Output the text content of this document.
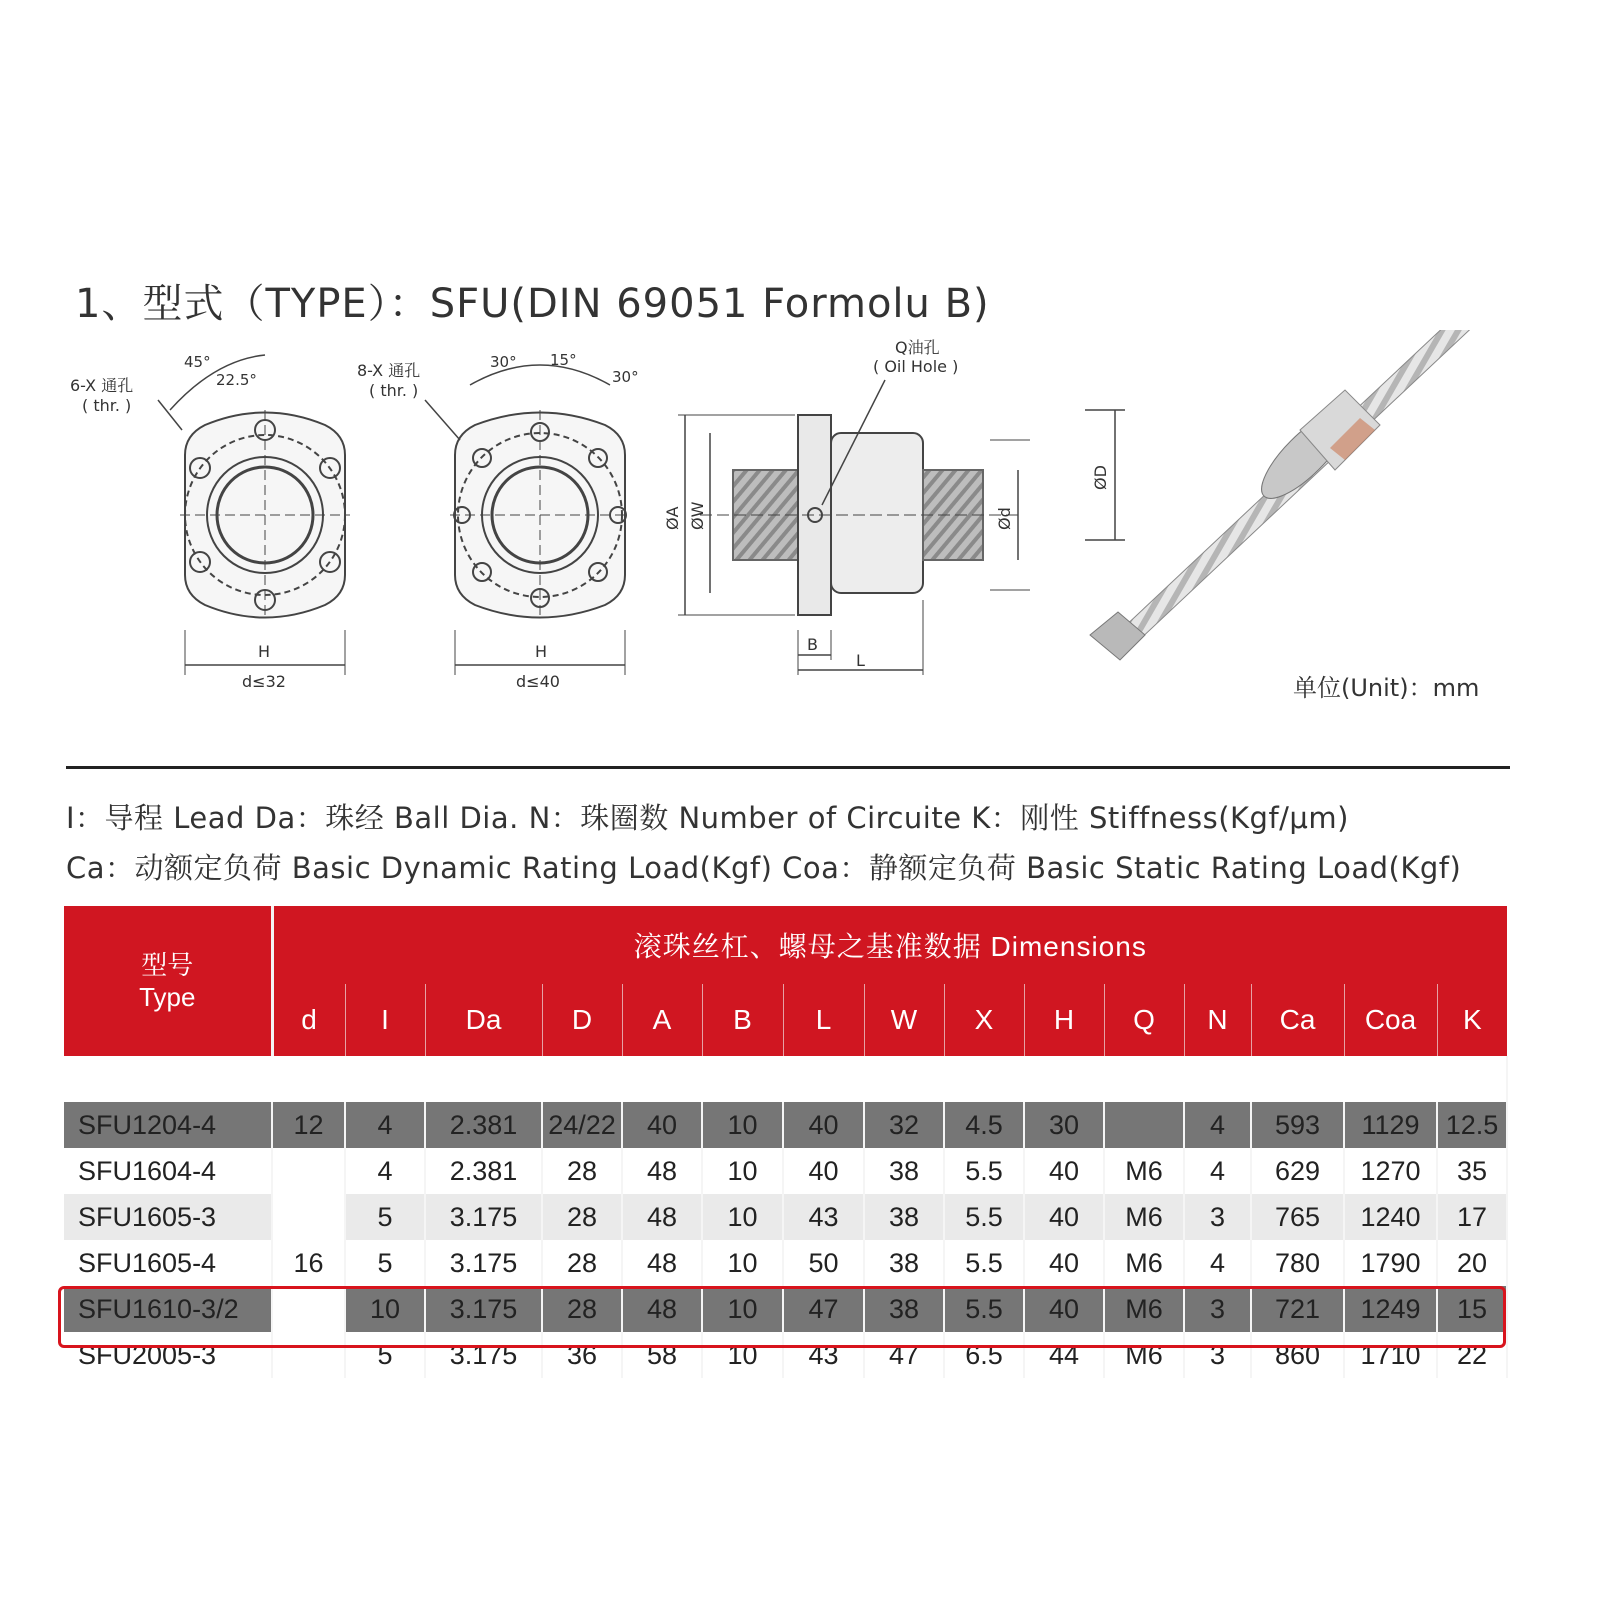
1、型式（TYPE）：SFU(DIN 69051 Formolu B)
6-X 通孔
( thr. )
45°
22.5°
H
d≤32
8-X 通孔
( thr. )
30° 15°
30°
H
d≤40
Q油孔
( Oil Hole )
ØA ØW	Ød
B
L
ØD
单位(Unit)：mm
I：导程 Lead Da：珠经 Ball Dia. N：珠圈数 Number of Circuite K：刚性 Stiffness(Kgf/μm)
Ca：动额定负荷 Basic Dynamic Rating Load(Kgf) Coa：静额定负荷 Basic Static Rating Load(Kgf)
型号
Type	滚珠丝杠、螺母之基准数据 Dimensions														
	d	I	Da	D	A	B	L	W	X	H	Q	N	Ca	Coa	K

SFU1204-4	12	4	2.381	24/22	40	10	40	32	4.5	30		4	593	1129	12.5
SFU1604-4		4	2.381	28	48	10	40	38	5.5	40	M6	4	629	1270	35
SFU1605-3		5	3.175	28	48	10	43	38	5.5	40	M6	3	765	1240	17
SFU1605-4	16	5	3.175	28	48	10	50	38	5.5	40	M6	4	780	1790	20
SFU1610-3/2		10	3.175	28	48	10	47	38	5.5	40	M6	3	721	1249	15
SFU2005-3		5	3.175	36	58	10	43	47	6.5	44	M6	3	860	1710	22
